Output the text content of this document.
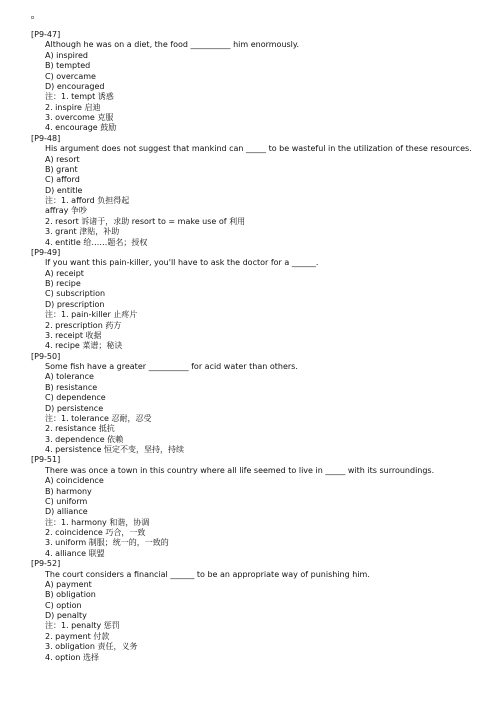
[P9-47]
Although he was on a diet, the food __________ him enormously.
A) inspired
B) tempted
C) overcame
D) encouraged
注：1. tempt 诱惑
2. inspire 启迪
3. overcome 克服
4. encourage 鼓励
[P9-48]
His argument does not suggest that mankind can _____ to be wasteful in the utilization of these resources.
A) resort
B) grant
C) afford
D) entitle
注：1. afford 负担得起
affray 争吵
2. resort 诉诸于，求助 resort to = make use of 利用
3. grant 津贴，补助
4. entitle 给……题名；授权
[P9-49]
If you want this pain-killer, you'll have to ask the doctor for a ______.
A) receipt
B) recipe
C) subscription
D) prescription
注：1. pain-killer 止疼片
2. prescription 药方
3. receipt 收据
4. recipe 菜谱；秘诀
[P9-50]
Some fish have a greater __________ for acid water than others.
A) tolerance
B) resistance
C) dependence
D) persistence
注：1. tolerance 忍耐，忍受
2. resistance 抵抗
3. dependence 依赖
4. persistence 恒定不变，坚持，持续
[P9-51]
There was once a town in this country where all life seemed to live in _____ with its surroundings.
A) coincidence
B) harmony
C) uniform
D) alliance
注：1. harmony 和谐，协调
2. coincidence 巧合，一致
3. uniform 制服；统一的，一致的
4. alliance 联盟
[P9-52]
The court considers a financial ______ to be an appropriate way of punishing him.
A) payment
B) obligation
C) option
D) penalty
注：1. penalty 惩罚
2. payment 付款
3. obligation 责任，义务
4. option 选择
